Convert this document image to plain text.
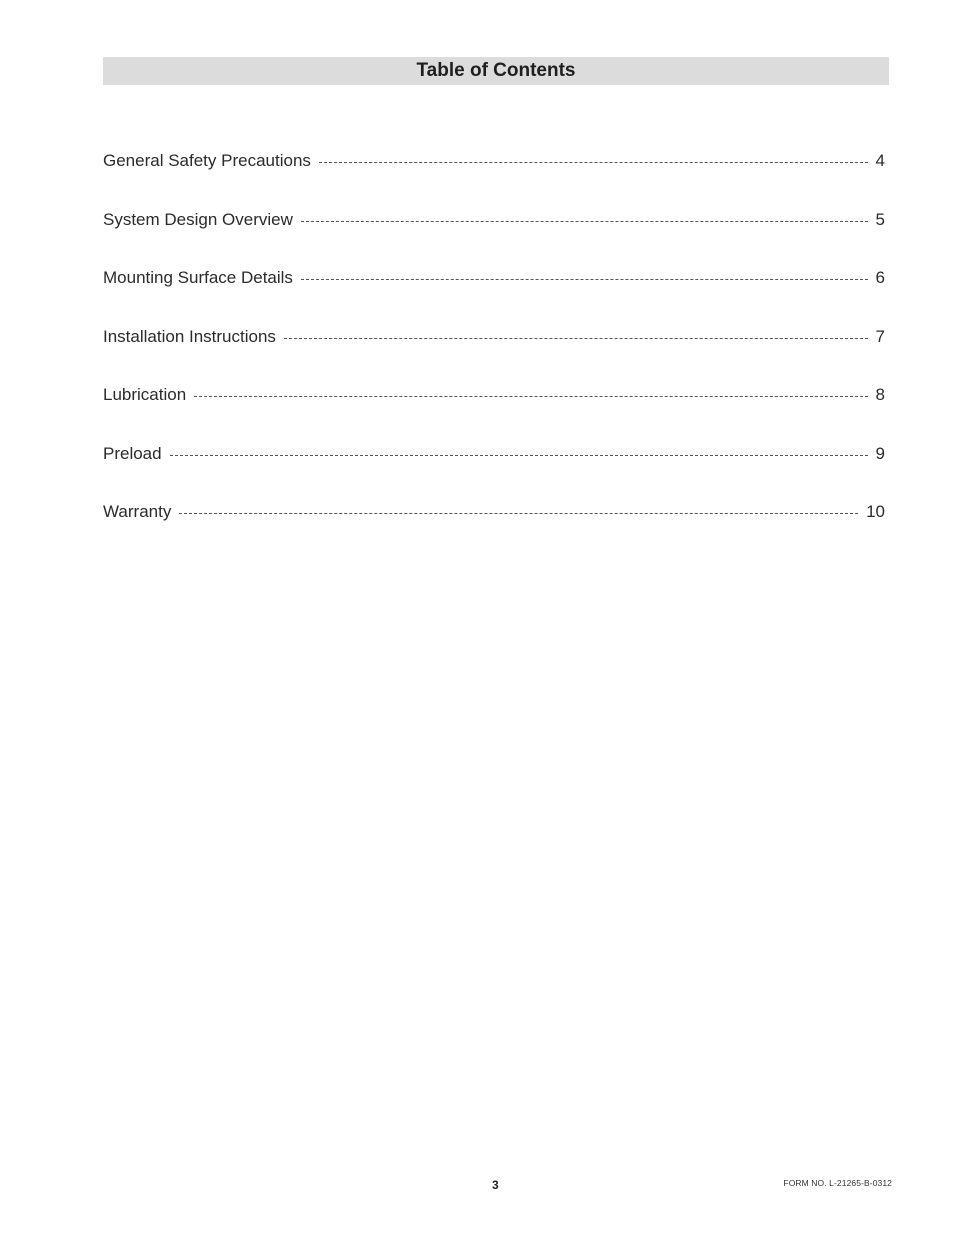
Table of Contents
General Safety Precautions	4
System Design Overview	5
Mounting Surface Details	6
Installation Instructions	7
Lubrication	8
Preload	9
Warranty	10
3	FORM NO. L-21265-B-0312
